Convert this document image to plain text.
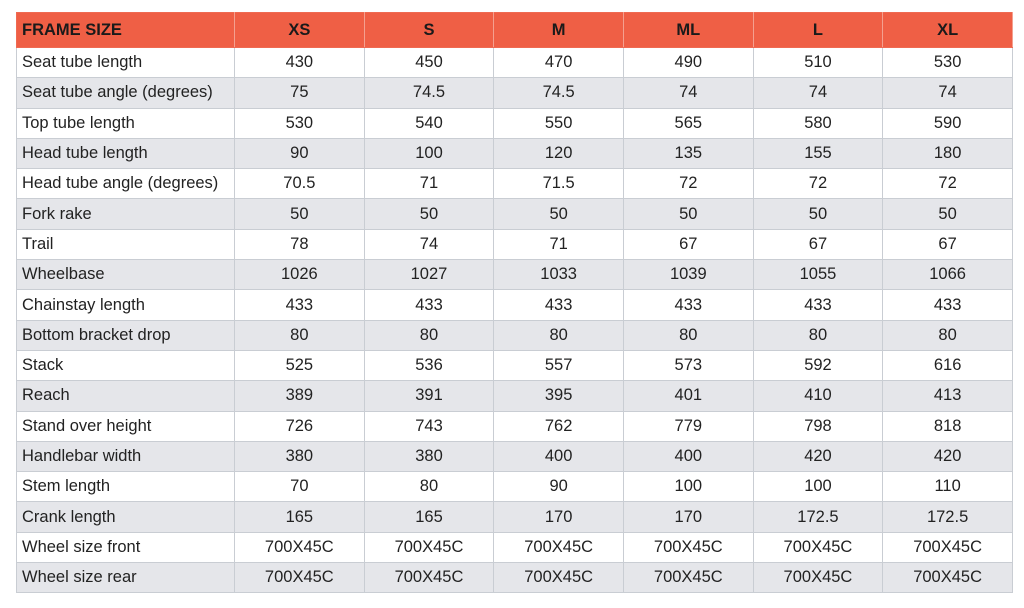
FRAME SIZE	XS	S	M	ML	L	XL
Seat tube length	430	450	470	490	510	530
Seat tube angle (degrees)	75	74.5	74.5	74	74	74
Top tube length	530	540	550	565	580	590
Head tube length	90	100	120	135	155	180
Head tube angle (degrees)	70.5	71	71.5	72	72	72
Fork rake	50	50	50	50	50	50
Trail	78	74	71	67	67	67
Wheelbase	1026	1027	1033	1039	1055	1066
Chainstay length	433	433	433	433	433	433
Bottom bracket drop	80	80	80	80	80	80
Stack	525	536	557	573	592	616
Reach	389	391	395	401	410	413
Stand over height	726	743	762	779	798	818
Handlebar width	380	380	400	400	420	420
Stem length	70	80	90	100	100	110
Crank length	165	165	170	170	172.5	172.5
Wheel size front	700X45C	700X45C	700X45C	700X45C	700X45C	700X45C
Wheel size rear	700X45C	700X45C	700X45C	700X45C	700X45C	700X45C
